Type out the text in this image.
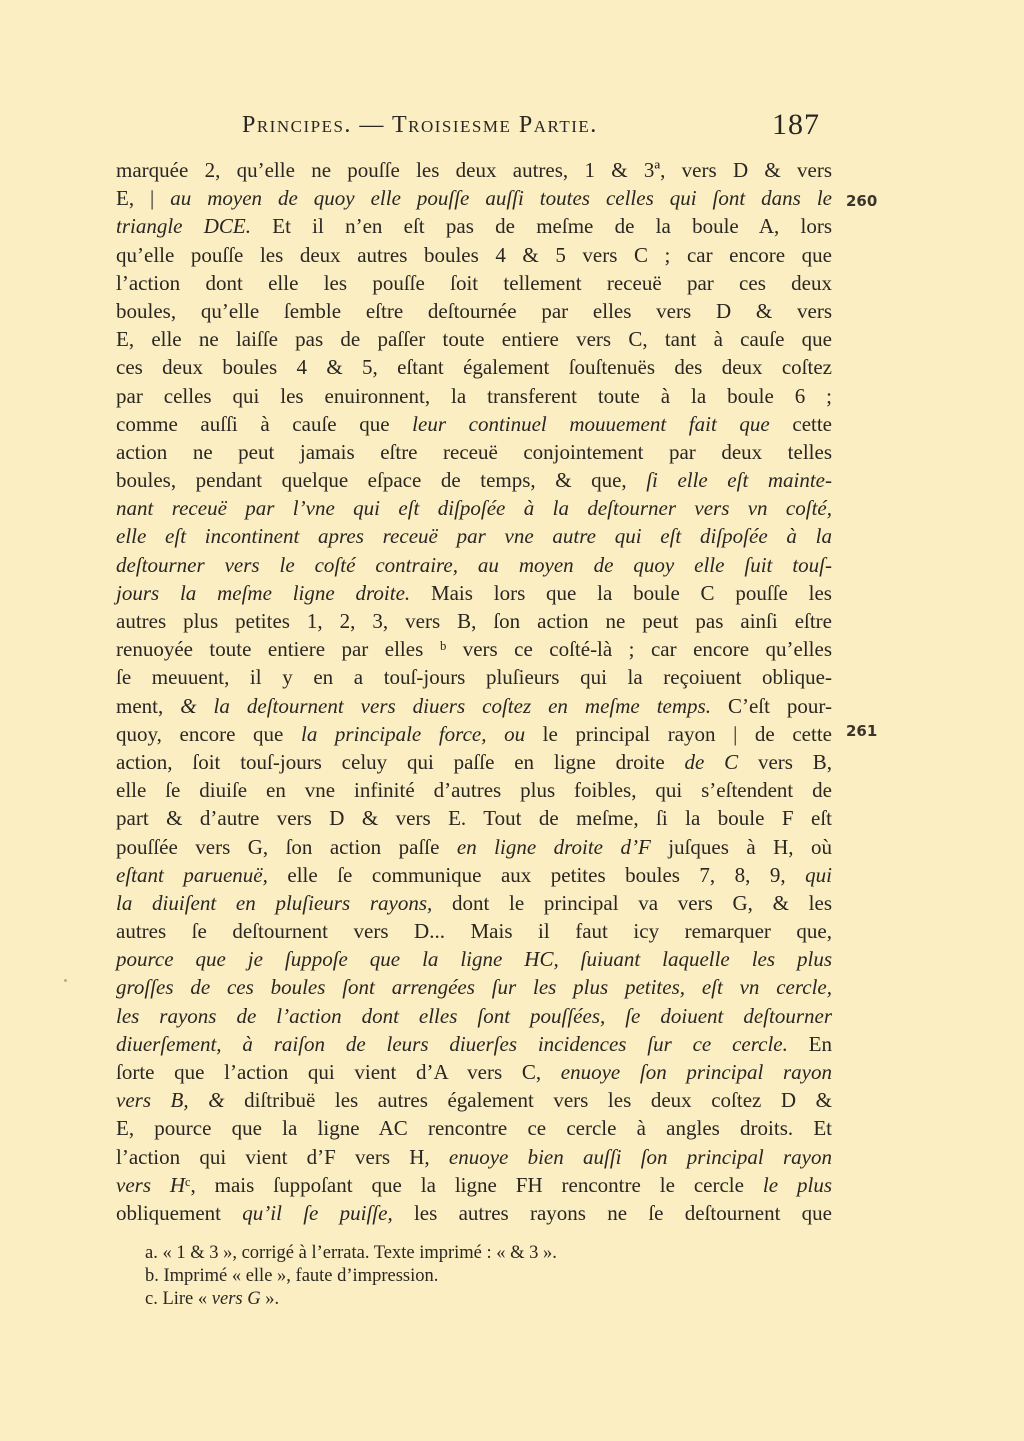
Principes. — Troisiesme Partie.	187
marquée 2, qu’elle ne pouſſe les deux autres, 1 & 3ª, vers D & vers
E, | au moyen de quoy elle pouſſe auſſi toutes celles qui ſont dans le
triangle DCE. Et il n’en eſt pas de meſme de la boule A, lors
qu’elle pouſſe les deux autres boules 4 & 5 vers C ; car encore que
l’action dont elle les pouſſe ſoit tellement receuë par ces deux
boules, qu’elle ſemble eſtre deſtournée par elles vers D & vers
E, elle ne laiſſe pas de paſſer toute entiere vers C, tant à cauſe que
ces deux boules 4 & 5, eſtant également ſouſtenuës des deux coſtez
par celles qui les enuironnent, la transferent toute à la boule 6 ;
comme auſſi à cauſe que leur continuel mouuement fait que cette
action ne peut jamais eſtre receuë conjointement par deux telles
boules, pendant quelque eſpace de temps, & que, ſi elle eſt mainte-
nant receuë par l’vne qui eſt diſpoſée à la deſtourner vers vn coſté,
elle eſt incontinent apres receuë par vne autre qui eſt diſpoſée à la
deſtourner vers le coſté contraire, au moyen de quoy elle ſuit touſ-
jours la meſme ligne droite. Mais lors que la boule C pouſſe les
autres plus petites 1, 2, 3, vers B, ſon action ne peut pas ainſi eſtre
renuoyée toute entiere par elles ᵇ vers ce coſté-là ; car encore qu’elles
ſe meuuent, il y en a touſ-jours pluſieurs qui la reçoiuent oblique-
ment, & la deſtournent vers diuers coſtez en meſme temps. C’eſt pour-
quoy, encore que la principale force, ou le principal rayon | de cette
action, ſoit touſ-jours celuy qui paſſe en ligne droite de C vers B,
elle ſe diuiſe en vne infinité d’autres plus foibles, qui s’eſtendent de
part & d’autre vers D & vers E. Tout de meſme, ſi la boule F eſt
pouſſée vers G, ſon action paſſe en ligne droite d’F juſques à H, où
eſtant paruenuë, elle ſe communique aux petites boules 7, 8, 9, qui
la diuiſent en pluſieurs rayons, dont le principal va vers G, & les
autres ſe deſtournent vers D... Mais il faut icy remarquer que,
pource que je ſuppoſe que la ligne HC, ſuiuant laquelle les plus
groſſes de ces boules ſont arrengées ſur les plus petites, eſt vn cercle,
les rayons de l’action dont elles ſont pouſſées, ſe doiuent deſtourner
diuerſement, à raiſon de leurs diuerſes incidences ſur ce cercle. En
ſorte que l’action qui vient d’A vers C, enuoye ſon principal rayon
vers B, & diſtribuë les autres également vers les deux coſtez D &
E, pource que la ligne AC rencontre ce cercle à angles droits. Et
l’action qui vient d’F vers H, enuoye bien auſſi ſon principal rayon
vers Hᶜ, mais ſuppoſant que la ligne FH rencontre le cercle le plus
obliquement qu’il ſe puiſſe, les autres rayons ne ſe deſtournent que
260
261
a. « 1 & 3 », corrigé à l’errata. Texte imprimé : « & 3 ».
b. Imprimé « elle », faute d’impression.
c. Lire « vers G ».
